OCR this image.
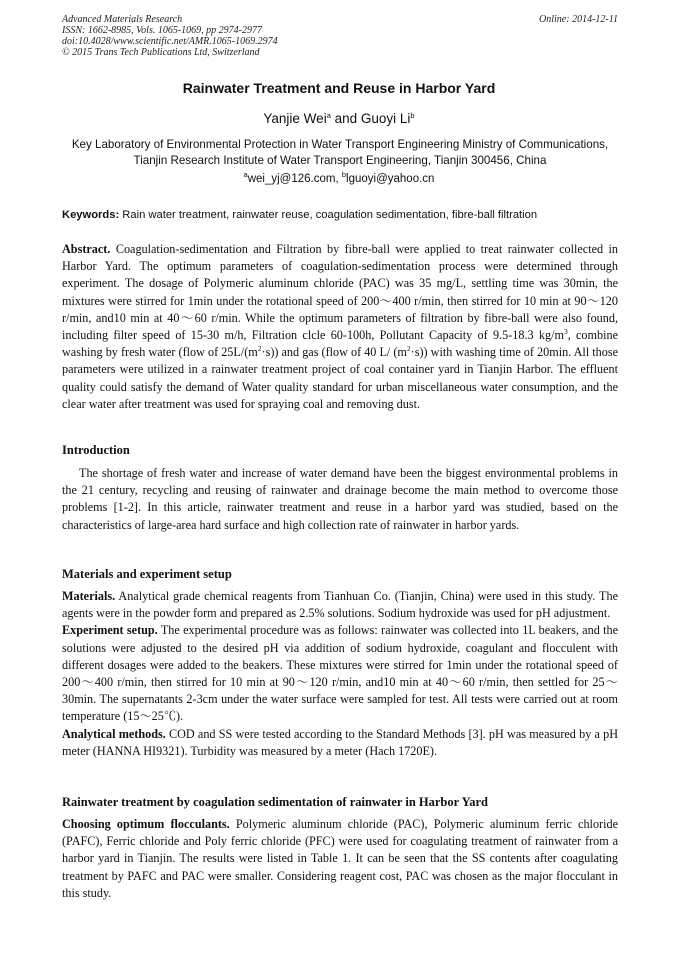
Advanced Materials Research
ISSN: 1662-8985, Vols. 1065-1069, pp 2974-2977
doi:10.4028/www.scientific.net/AMR.1065-1069.2974
© 2015 Trans Tech Publications Ltd, Switzerland
Online: 2014-12-11
Rainwater Treatment and Reuse in Harbor Yard
Yanjie Wei$^a$ and Guoyi Li$^b$
Key Laboratory of Environmental Protection in Water Transport Engineering Ministry of Communications, Tianjin Research Institute of Water Transport Engineering, Tianjin 300456, China
$^a$wei_yj@126.com, $^b$lguoyi@yahoo.cn
Keywords: Rain water treatment, rainwater reuse, coagulation sedimentation, fibre-ball filtration

Abstract. Coagulation-sedimentation and Filtration by fibre-ball were applied to treat rainwater collected in Harbor Yard. The optimum parameters of coagulation-sedimentation process were determined through experiment. The dosage of Polymeric aluminum chloride (PAC) was 35 mg/L, settling time was 30min, the mixtures were stirred for 1min under the rotational speed of 200～400 r/min, then stirred for 10 min at 90～120 r/min, and10 min at 40～60 r/min. While the optimum parameters of filtration by fibre-ball were also found, including filter speed of 15-30 m/h, Filtration clcle 60-100h, Pollutant Capacity of 9.5-18.3 $kg/m^3$, combine washing by fresh water (flow of $25L/(m^2\cdot s)$) and gas (flow of 40 L/ $(m^2\cdot s)$) with washing time of 20min. All those parameters were utilized in a rainwater treatment project of coal container yard in Tianjin Harbor. The effluent quality could satisfy the demand of Water quality standard for urban miscellaneous water consumption, and the clear water after treatment was used for spraying coal and removing dust.

Introduction

The shortage of fresh water and increase of water demand have been the biggest environmental problems in the 21 century, recycling and reusing of rainwater and drainage become the main method to overcome those problems [1-2]. In this article, rainwater treatment and reuse in a harbor yard was studied, based on the characteristics of large-area hard surface and high collection rate of rainwater in harbor yards.

Materials and experiment setup

Materials. Analytical grade chemical reagents from Tianhuan Co. (Tianjin, China) were used in this study. The agents were in the powder form and prepared as 2.5% solutions. Sodium hydroxide was used for pH adjustment.

Experiment setup. The experimental procedure was as follows: rainwater was collected into 1L beakers, and the solutions were adjusted to the desired pH via addition of sodium hydroxide, coagulant and flocculent with different dosages were added to the beakers. These mixtures were stirred for 1min under the rotational speed of 200～400 r/min, then stirred for 10 min at 90～120 r/min, and10 min at 40～60 r/min, then settled for 25～30min. The supernatants 2-3cm under the water surface were sampled for test. All tests were carried out at room temperature (15～25℃).

Analytical methods. COD and SS were tested according to the Standard Methods [3]. pH was measured by a pH meter (HANNA HI9321). Turbidity was measured by a meter (Hach 1720E).

Rainwater treatment by coagulation sedimentation of rainwater in Harbor Yard

Choosing optimum flocculants. Polymeric aluminum chloride (PAC), Polymeric aluminum ferric chloride (PAFC), Ferric chloride and Poly ferric chloride (PFC) were used for coagulating treatment of rainwater from a harbor yard in Tianjin. The results were listed in Table 1. It can be seen that the SS contents after coagulating treatment by PAFC and PAC were smaller. Considering reagent cost, PAC was chosen as the major flocculant in this study.
